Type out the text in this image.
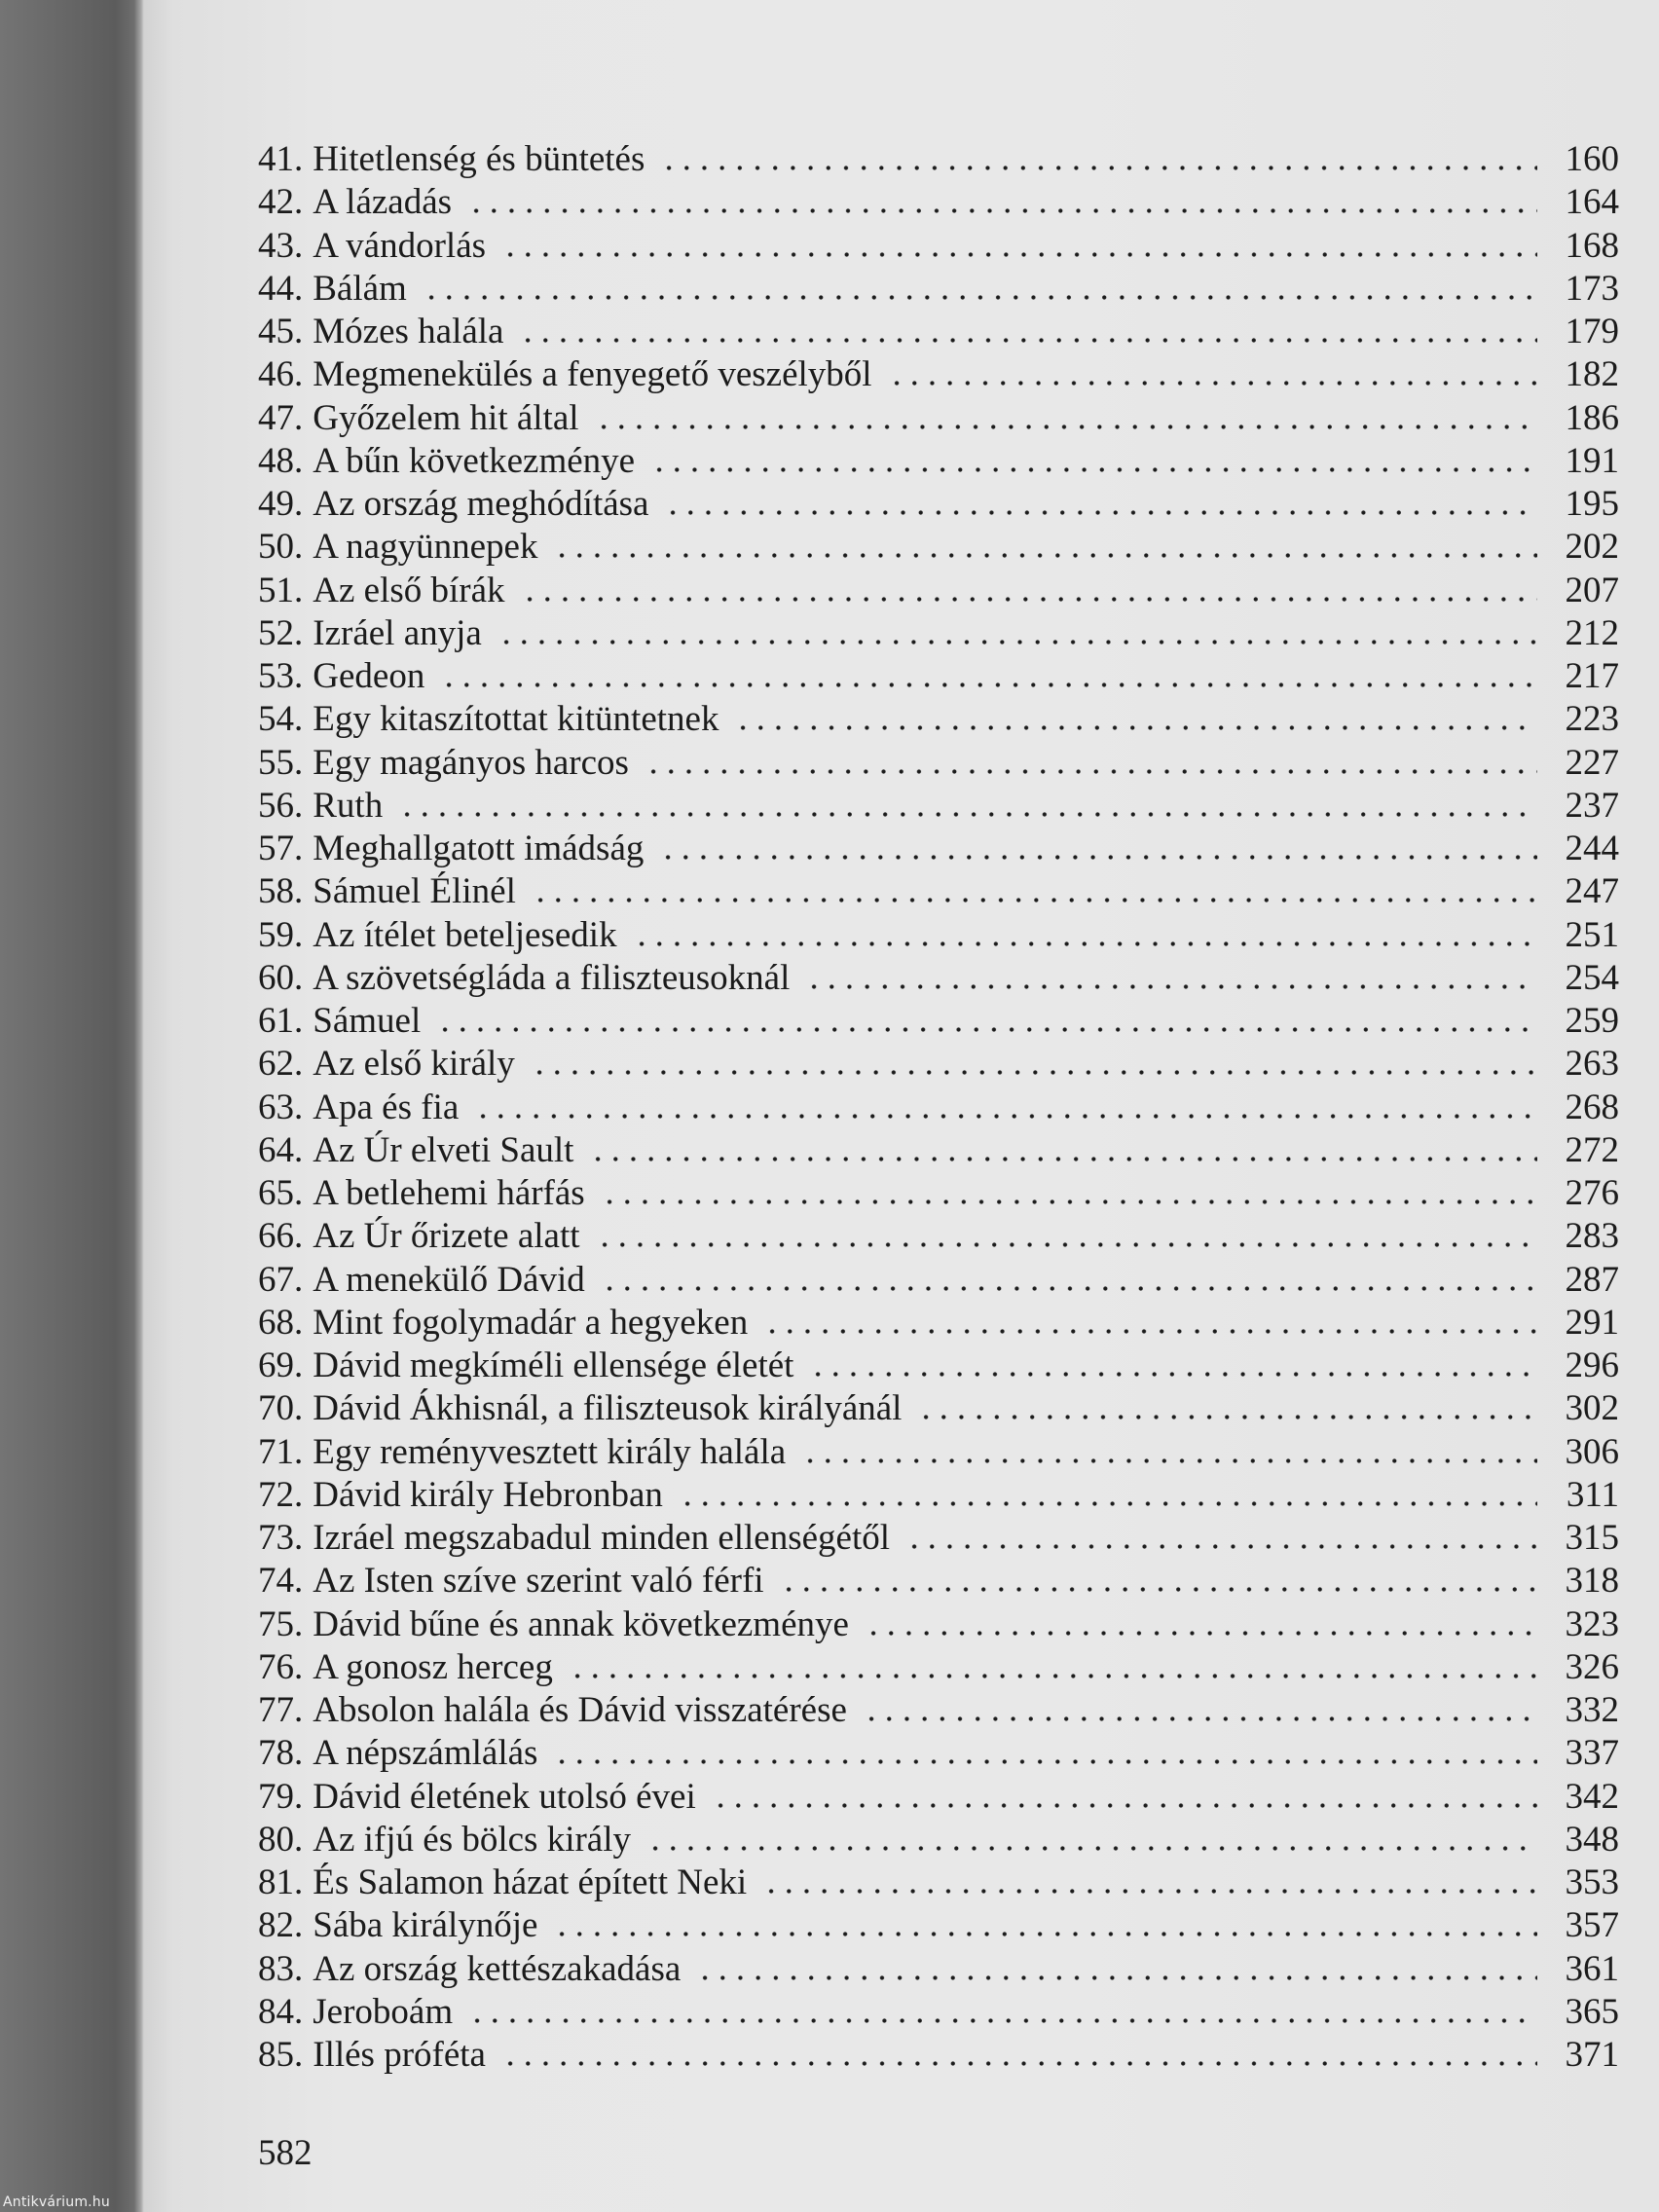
41. Hitetlenség és büntetés	160
42. A lázadás	164
43. A vándorlás	168
44. Bálám	173
45. Mózes halála	179
46. Megmenekülés a fenyegető veszélyből	182
47. Győzelem hit által	186
48. A bűn következménye	191
49. Az ország meghódítása	195
50. A nagyünnepek	202
51. Az első bírák	207
52. Izráel anyja	212
53. Gedeon	217
54. Egy kitaszítottat kitüntetnek	223
55. Egy magányos harcos	227
56. Ruth	237
57. Meghallgatott imádság	244
58. Sámuel Élinél	247
59. Az ítélet beteljesedik	251
60. A szövetségláda a filiszteusoknál	254
61. Sámuel	259
62. Az első király	263
63. Apa és fia	268
64. Az Úr elveti Sault	272
65. A betlehemi hárfás	276
66. Az Úr őrizete alatt	283
67. A menekülő Dávid	287
68. Mint fogolymadár a hegyeken	291
69. Dávid megkíméli ellensége életét	296
70. Dávid Ákhisnál, a filiszteusok királyánál	302
71. Egy reményvesztett király halála	306
72. Dávid király Hebronban	311
73. Izráel megszabadul minden ellenségétől	315
74. Az Isten szíve szerint való férfi	318
75. Dávid bűne és annak következménye	323
76. A gonosz herceg	326
77. Absolon halála és Dávid visszatérése	332
78. A népszámlálás	337
79. Dávid életének utolsó évei	342
80. Az ifjú és bölcs király	348
81. És Salamon házat épített Neki	353
82. Sába királynője	357
83. Az ország kettészakadása	361
84. Jeroboám	365
85. Illés próféta	371
582
Antikvárium.hu
